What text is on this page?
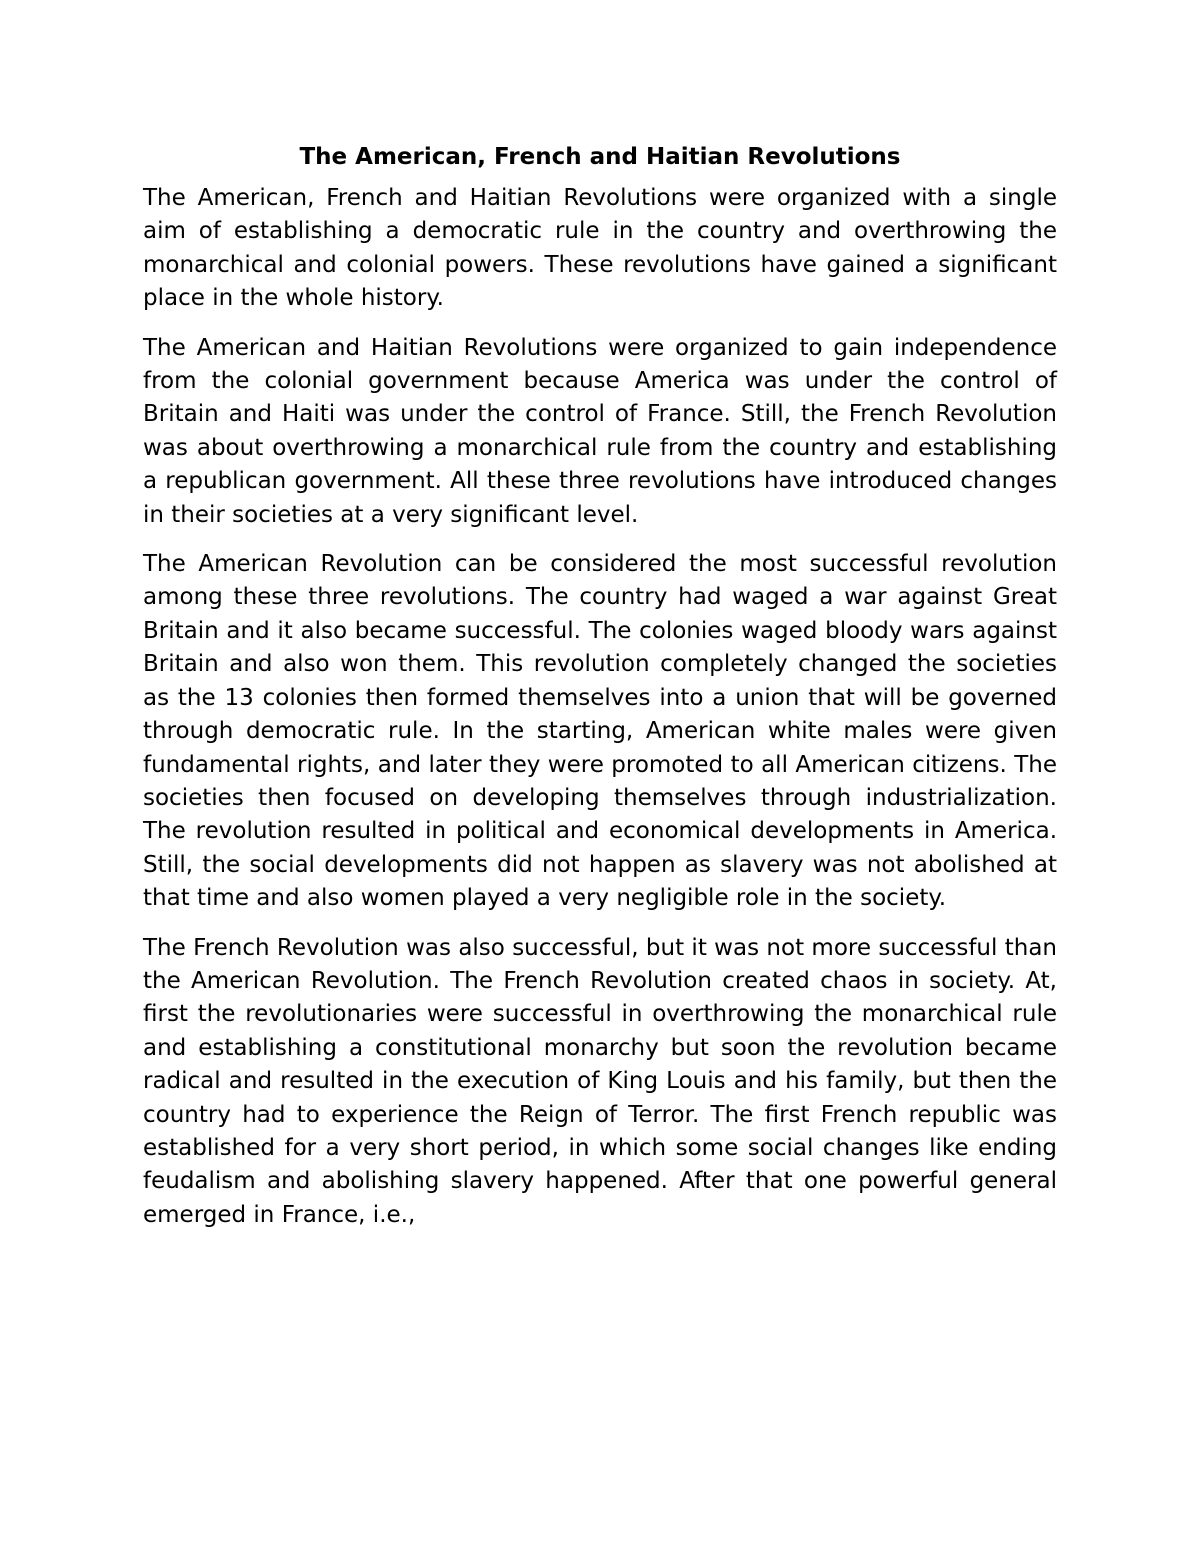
The American, French and Haitian Revolutions

The American, French and Haitian Revolutions were organized with a single aim of establishing a democratic rule in the country and overthrowing the monarchical and colonial powers. These revolutions have gained a significant place in the whole history.

The American and Haitian Revolutions were organized to gain independence from the colonial government because America was under the control of Britain and Haiti was under the control of France. Still, the French Revolution was about overthrowing a monarchical rule from the country and establishing a republican government. All these three revolutions have introduced changes in their societies at a very significant level.

The American Revolution can be considered the most successful revolution among these three revolutions. The country had waged a war against Great Britain and it also became successful. The colonies waged bloody wars against Britain and also won them. This revolution completely changed the societies as the 13 colonies then formed themselves into a union that will be governed through democratic rule. In the starting, American white males were given fundamental rights, and later they were promoted to all American citizens. The societies then focused on developing themselves through industrialization. The revolution resulted in political and economical developments in America. Still, the social developments did not happen as slavery was not abolished at that time and also women played a very negligible role in the society.

The French Revolution was also successful, but it was not more successful than the American Revolution. The French Revolution created chaos in society. At, first the revolutionaries were successful in overthrowing the monarchical rule and establishing a constitutional monarchy but soon the revolution became radical and resulted in the execution of King Louis and his family, but then the country had to experience the Reign of Terror. The first French republic was established for a very short period, in which some social changes like ending feudalism and abolishing slavery happened. After that one powerful general emerged in France, i.e.,
